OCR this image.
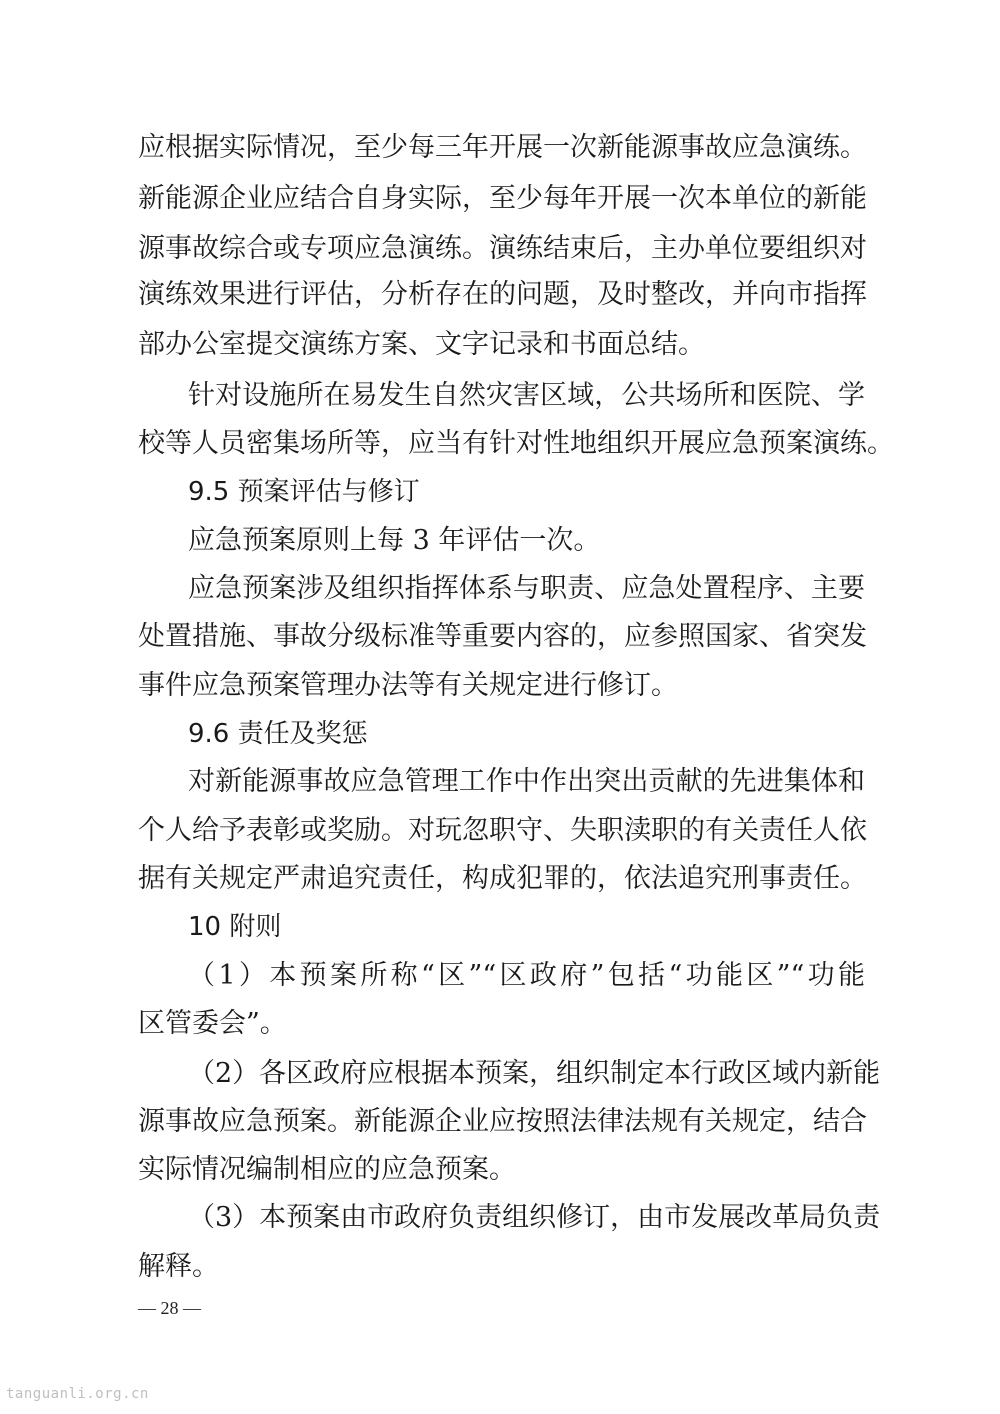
应根据实际情况，至少每三年开展一次新能源事故应急演练。
新能源企业应结合自身实际，至少每年开展一次本单位的新能
源事故综合或专项应急演练。演练结束后，主办单位要组织对
演练效果进行评估，分析存在的问题，及时整改，并向市指挥
部办公室提交演练方案、文字记录和书面总结。
针对设施所在易发生自然灾害区域，公共场所和医院、学
校等人员密集场所等，应当有针对性地组织开展应急预案演练。
9.5 预案评估与修订
应急预案原则上每 3 年评估一次。
应急预案涉及组织指挥体系与职责、应急处置程序、主要
处置措施、事故分级标准等重要内容的，应参照国家、省突发
事件应急预案管理办法等有关规定进行修订。
9.6 责任及奖惩
对新能源事故应急管理工作中作出突出贡献的先进集体和
个人给予表彰或奖励。对玩忽职守、失职渎职的有关责任人依
据有关规定严肃追究责任，构成犯罪的，依法追究刑事责任。
10 附则
（1）本预案所称“区”“区政府”包括“功能区”“功能
区管委会”。
（2）各区政府应根据本预案，组织制定本行政区域内新能
源事故应急预案。新能源企业应按照法律法规有关规定，结合
实际情况编制相应的应急预案。
（3）本预案由市政府负责组织修订，由市发展改革局负责
解释。
— 28 —
tanguanli.org.cn
